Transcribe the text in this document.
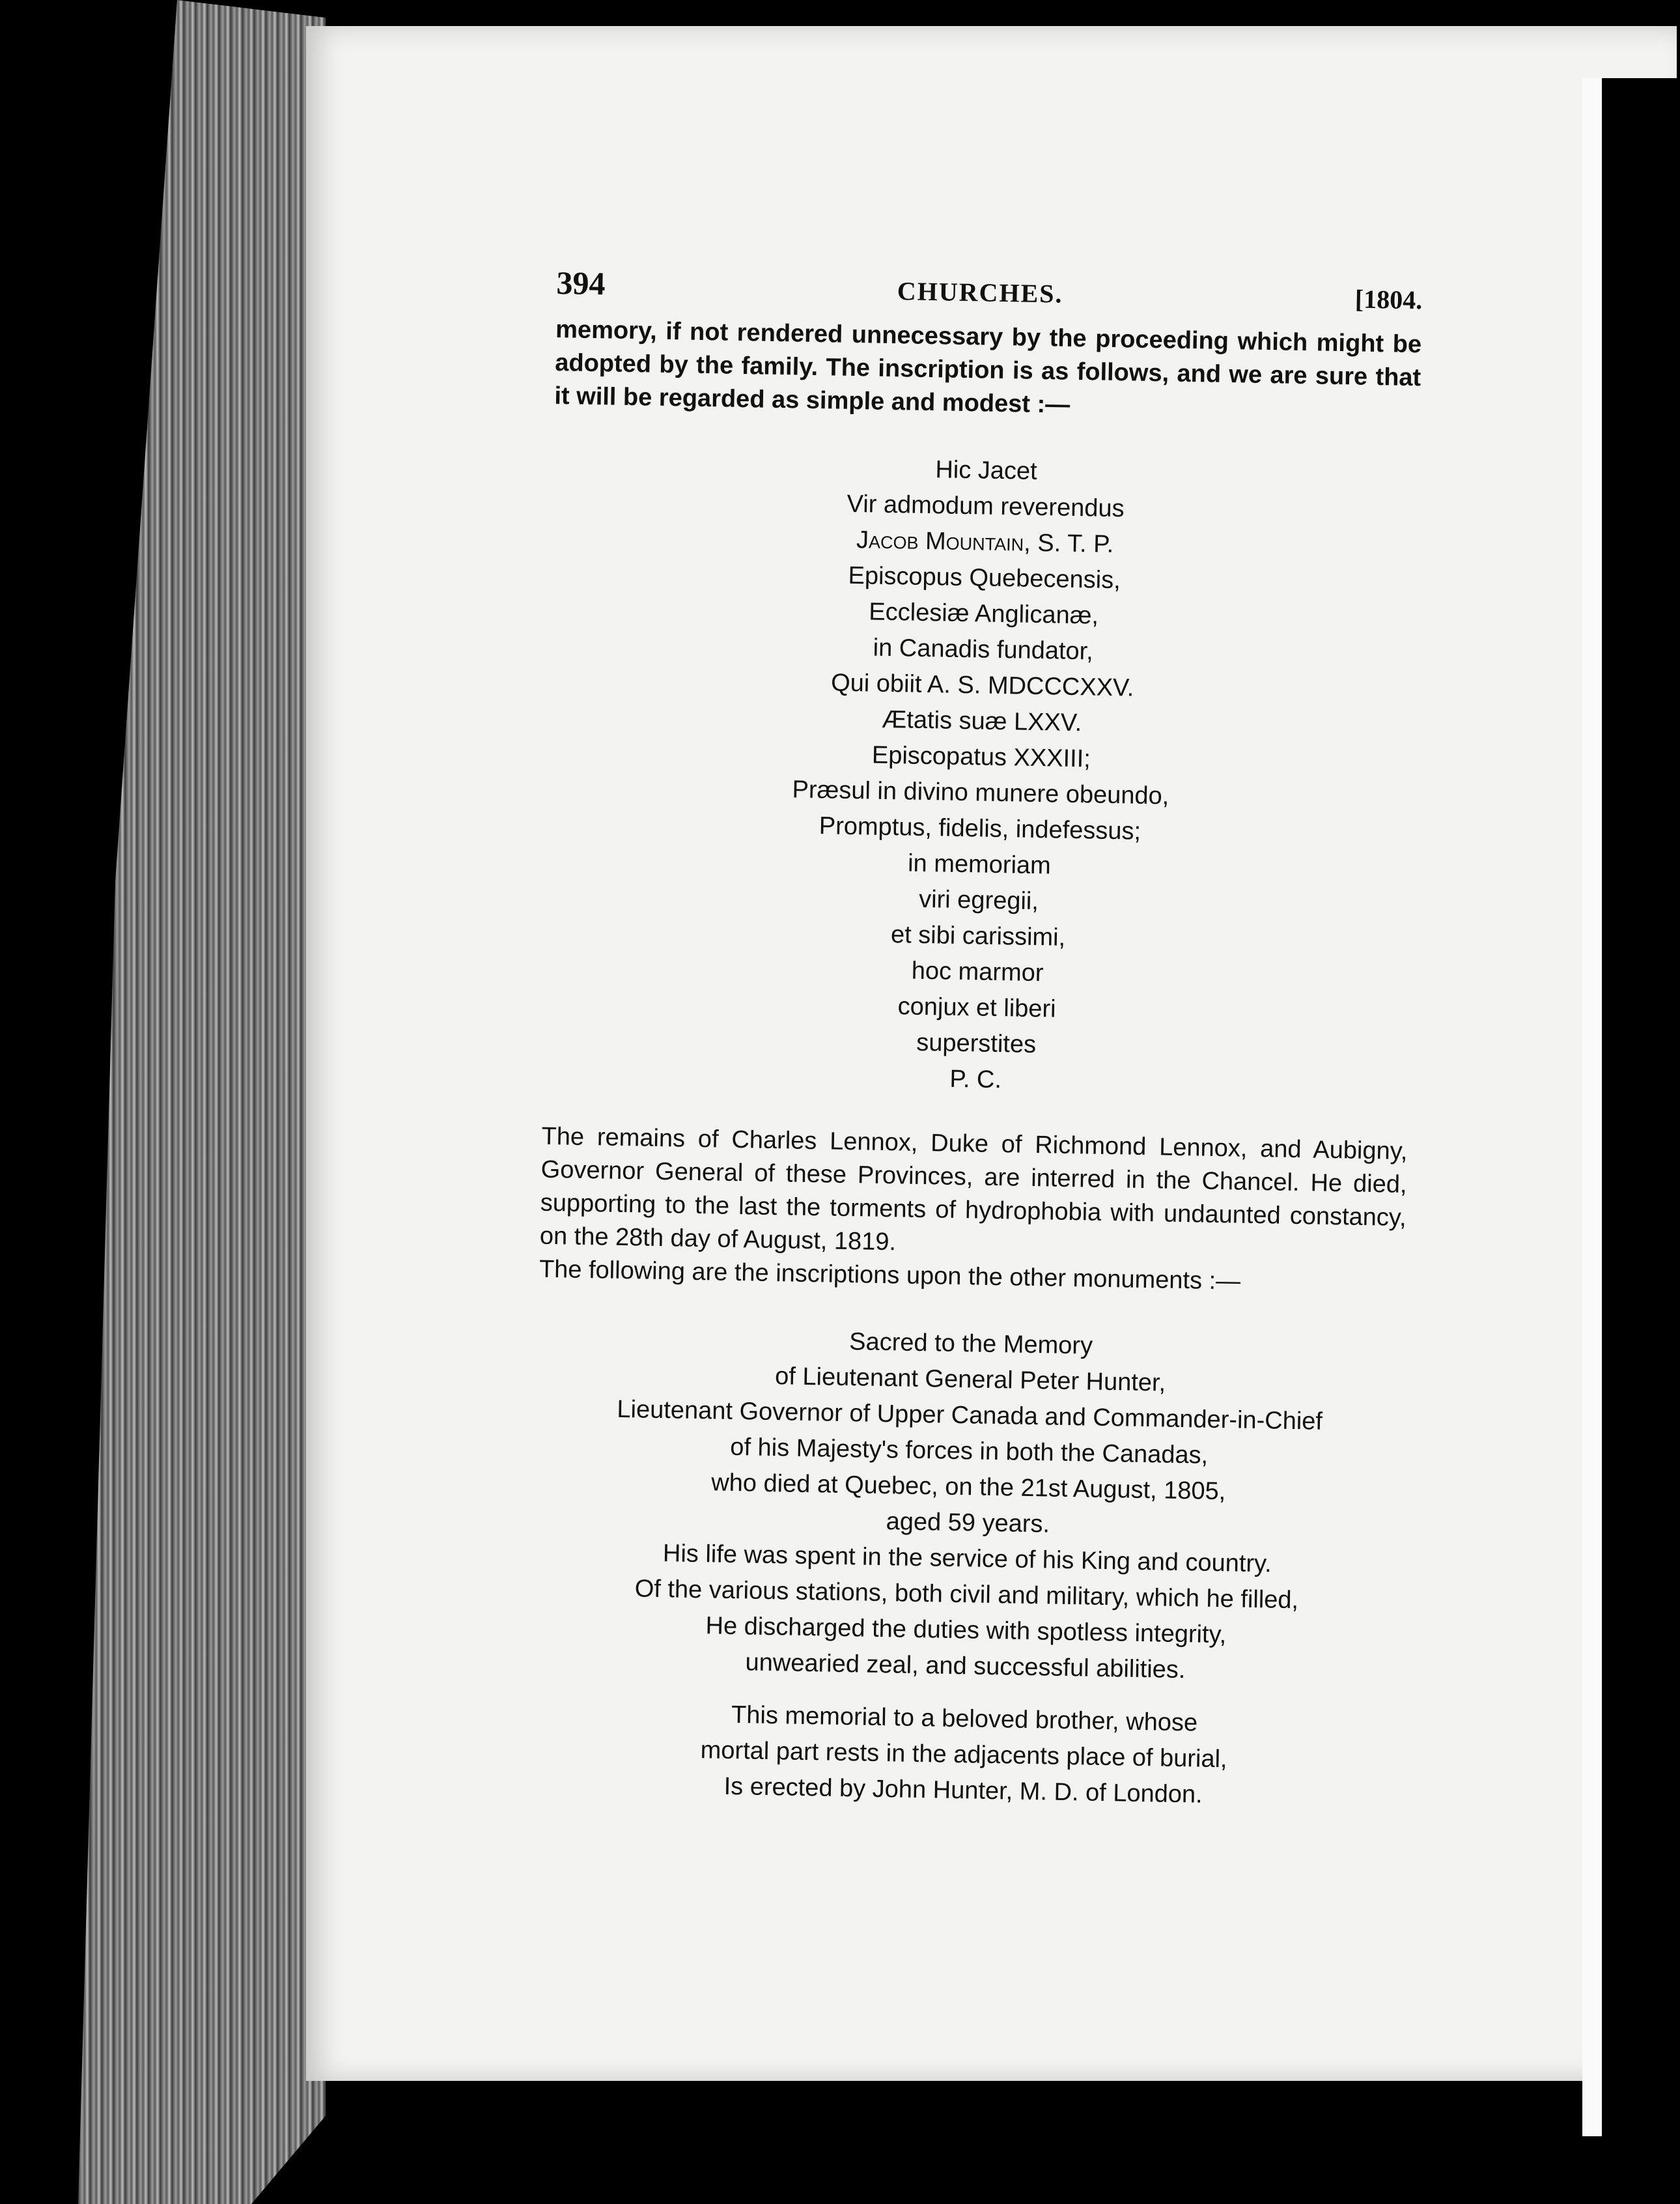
394	CHURCHES.	[1804.

memory, if not rendered unnecessary by the proceeding which might be adopted by the family. The inscription is as follows, and we are sure that it will be regarded as simple and modest :—

Hic Jacet
Vir admodum reverendus
Jacob Mountain, S. T. P.
Episcopus Quebecensis,
Ecclesiæ Anglicanæ,
in Canadis fundator,
Qui obiit A. S. MDCCCXXV.
Ætatis suæ LXXV.
Episcopatus XXXIII;
Præsul in divino munere obeundo,
Promptus, fidelis, indefessus;
in memoriam
viri egregii,
et sibi carissimi,
hoc marmor
conjux et liberi
superstites
P. C.

The remains of Charles Lennox, Duke of Richmond Lennox, and Aubigny, Governor General of these Provinces, are interred in the Chancel. He died, supporting to the last the torments of hydrophobia with undaunted constancy, on the 28th day of August, 1819.

The following are the inscriptions upon the other monuments :—

Sacred to the Memory
of Lieutenant General Peter Hunter,
Lieutenant Governor of Upper Canada and Commander-in-Chief
of his Majesty's forces in both the Canadas,
who died at Quebec, on the 21st August, 1805,
aged 59 years.
His life was spent in the service of his King and country.
Of the various stations, both civil and military, which he filled,
He discharged the duties with spotless integrity,
unwearied zeal, and successful abilities.
This memorial to a beloved brother, whose
mortal part rests in the adjacents place of burial,
Is erected by John Hunter, M. D. of London.
